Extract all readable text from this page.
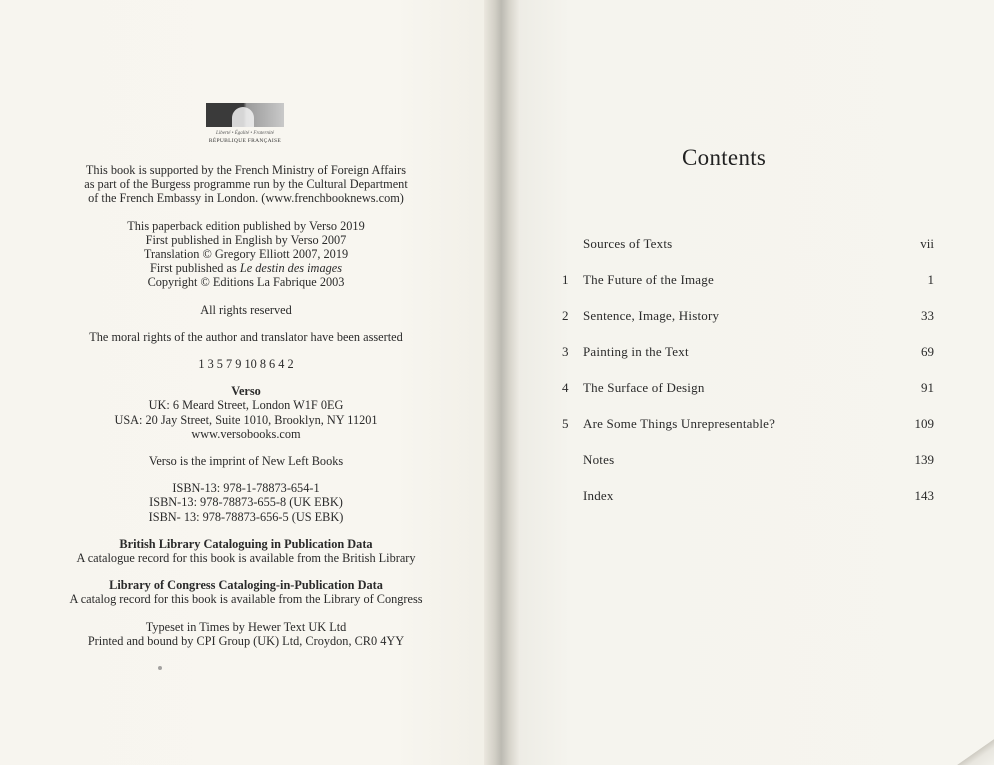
Liberté • Égalité • Fraternité
RÉPUBLIQUE FRANÇAISE
This book is supported by the French Ministry of Foreign Affairs
as part of the Burgess programme run by the Cultural Department
of the French Embassy in London. (www.frenchbooknews.com)
This paperback edition published by Verso 2019
First published in English by Verso 2007
Translation © Gregory Elliott 2007, 2019
First published as Le destin des images
Copyright © Editions La Fabrique 2003
All rights reserved
The moral rights of the author and translator have been asserted
1 3 5 7 9 10 8 6 4 2
Verso
UK: 6 Meard Street, London W1F 0EG
USA: 20 Jay Street, Suite 1010, Brooklyn, NY 11201
www.versobooks.com
Verso is the imprint of New Left Books
ISBN-13: 978-1-78873-654-1
ISBN-13: 978-78873-655-8 (UK EBK)
ISBN- 13: 978-78873-656-5 (US EBK)
British Library Cataloguing in Publication Data
A catalogue record for this book is available from the British Library
Library of Congress Cataloging-in-Publication Data
A catalog record for this book is available from the Library of Congress
Typeset in Times by Hewer Text UK Ltd
Printed and bound by CPI Group (UK) Ltd, Croydon, CR0 4YY
Contents
Sources of Texts	vii
1	The Future of the Image	1
2	Sentence, Image, History	33
3	Painting in the Text	69
4	The Surface of Design	91
5	Are Some Things Unrepresentable?	109
Notes	139
Index	143
